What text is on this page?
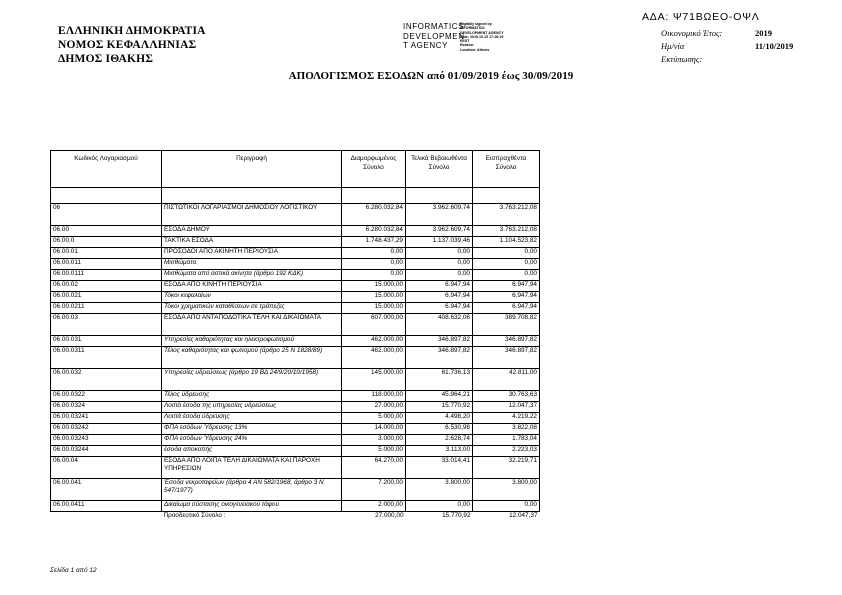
ΕΛΛΗΝΙΚΗ ΔΗΜΟΚΡΑΤΙΑ
ΝΟΜΟΣ ΚΕΦΑΛΛΗΝΙΑΣ
ΔΗΜΟΣ ΙΘΑΚΗΣ
INFORMATICS
DEVELOPMEN
T AGENCY
Digitally signed by
INFORMATICS
DEVELOPMENT AGENCY
Date: 2019.10.15 17:18:19
EEST
Reason:
Location: Athens
ΑΔΑ: Ψ71ΒΩΕΟ-ΟΨΛ
Οικονομικό Έτος:	2019
Ημ/νία	11/10/2019
Εκτύπωσης:
ΑΠΟΛΟΓΙΣΜΟΣ ΕΣΟΔΩΝ από 01/09/2019 έως 30/09/2019
Κωδικός Λογαριασμού	Περιγραφή	Διαμορφωμένος Σύνολο	Τελικά Βεβαιωθέντα Σύνολο	Εισπραχθέντα Σύνολο

06	ΠΙΣΤΩΤΙΚΟΙ ΛΟΓΑΡΙΑΣΜΟΙ ΔΗΜΟΣΙΟΥ ΛΟΓΙΣΤΙΚΟΥ	6.280.032,84	3.962.609,74	3.763.212,08
06.00	ΕΣΟΔΑ ΔΗΜΟΥ	6.280.032,84	3.962.609,74	3.763.212,08
06.00.0	ΤΑΚΤΙΚΑ ΕΣΟΔΑ	1.748.437,29	1.137.039,46	1.104.523,82
06.00.01	ΠΡΟΣΟΔΟΙ ΑΠΟ ΑΚΙΝΗΤΗ ΠΕΡΙΟΥΣΙΑ	0,00	0,00	0,00
06.00.011	Μισθώματα	0,00	0,00	0,00
06.00.0111	Μισθώματα από αστικά ακίνητα (άρθρο 192 ΚΔΚ)	0,00	0,00	0,00
06.00.02	ΕΣΟΔΑ ΑΠΟ ΚΙΝΗΤΗ ΠΕΡΙΟΥΣΙΑ	15.000,00	6.947,94	6.947,94
06.00.021	Τόκοι κεφαλαίων	15.000,00	6.947,94	6.947,94
06.00.0211	Τόκοι χρηματικών καταθέσεων σε τράπεζες	15.000,00	6.947,94	6.947,94
06.00.03	ΕΣΟΔΑ ΑΠΟ ΑΝΤΑΠΟΔΟΤΙΚΑ ΤΕΛΗ ΚΑΙ ΔΙΚΑΙΩΜΑΤΑ	607.000,00	408.632,06	389.708,82
06.00.031	Υπηρεσίες καθαριότητας και ηλεκτροφωτισμού	462.000,00	346.897,82	346.897,82
06.00.0311	Τέλος καθαριότητας και φωτισμού (άρθρο 25 Ν 1828/89)	462.000,00	346.897,82	346.897,82
06.00.032	Υπηρεσίες υδρεύσεως (άρθρο 19 ΒΔ 24/9/20/10/1958)	145.000,00	61.736,13	42.811,00
06.00.0322	Τέλος ύδρευσης	118.000,00	45.964,21	30.763,63
06.00.0324	Λοιπά έσοδα της υπηρεσίας υδρεύσεως	27.000,00	15.770,92	12.047,37
06.00.03241	Λοιπά έσοδα ύδρευσης	5.000,00	4.498,20	4.219,22
06.00.03242	ΦΠΑ εσόδων Ύδρευσης 13%	14.000,00	6.530,98	3.822,08
06.00.03243	ΦΠΑ εσόδων Ύδρευσης 24%	3.000,00	2.628,74	1.783,04
06.00.03244	έσοδα αποκοπής	5.000,00	3.113,00	2.223,03
06.00.04	ΕΣΟΔΑ ΑΠΟ ΛΟΙΠΑ ΤΕΛΗ ΔΙΚΑΙΩΜΑΤΑ ΚΑΙ ΠΑΡΟΧΗ ΥΠΗΡΕΣΙΩΝ	64.270,00	33.014,41	32.219,71
06.00.041	Έσοδα νεκροταφείων (άρθρα 4 ΑΝ 582/1968, άρθρο 3 Ν 547/1977)	7.200,00	3.800,00	3.800,00
06.00.0411	Δικαίωμα σύστασης οικογενειακού τάφου	2.000,00	0,00	0,00
	Προοδευτικό Σύνολο :	27.000,00	15.770,92	12.047,37
Σελίδα 1 από 12
